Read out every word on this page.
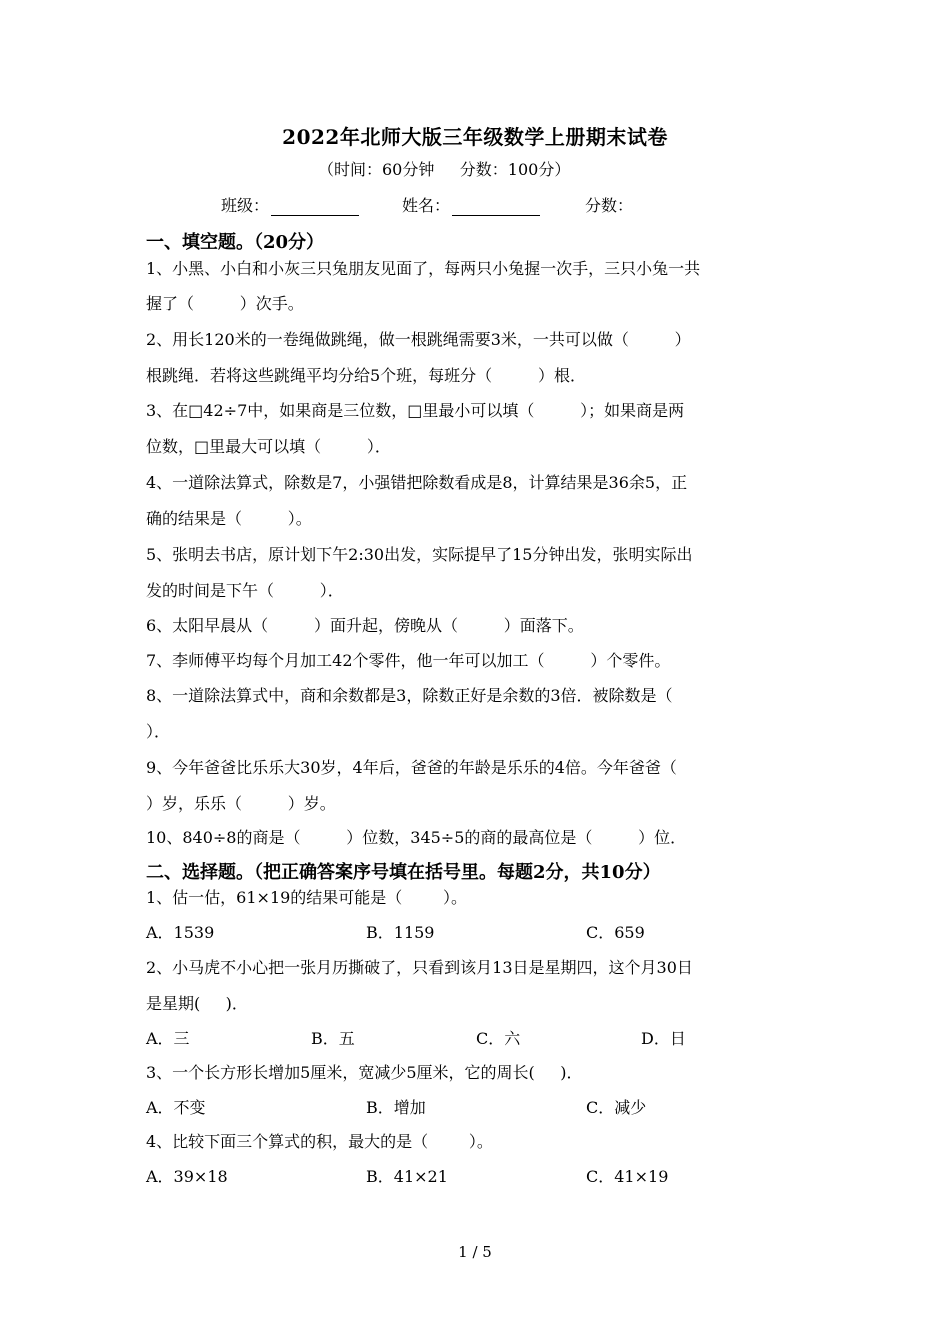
2022年北师大版三年级数学上册期末试卷
（时间：60分钟     分数：100分）
班级：	姓名：	分数：
一、填空题。（20分）
1、小黑、小白和小灰三只兔朋友见面了，每两只小兔握一次手，三只小兔一共
握了（         ）次手。
2、用长120米的一卷绳做跳绳，做一根跳绳需要3米，一共可以做（         ）
根跳绳．若将这些跳绳平均分给5个班，每班分（         ）根．
3、在□42÷7中，如果商是三位数，□里最小可以填（         ）；如果商是两
位数，□里最大可以填（         ）．
4、一道除法算式，除数是7，小强错把除数看成是8，计算结果是36余5，正
确的结果是（         ）。
5、张明去书店，原计划下午2:30出发，实际提早了15分钟出发，张明实际出
发的时间是下午（         ）．
6、太阳早晨从（         ）面升起，傍晚从（         ）面落下。
7、李师傅平均每个月加工42个零件，他一年可以加工（         ）个零件。
8、一道除法算式中，商和余数都是3，除数正好是余数的3倍．被除数是（
）．
9、今年爸爸比乐乐大30岁，4年后，爸爸的年龄是乐乐的4倍。今年爸爸（
）岁，乐乐（         ）岁。
10、840÷8的商是（         ）位数，345÷5的商的最高位是（         ）位．
二、选择题。（把正确答案序号填在括号里。每题2分，共10分）
1、估一估，61×19的结果可能是（        ）。
A．1539	B．1159	C．659
2、小马虎不小心把一张月历撕破了，只看到该月13日是星期四，这个月30日
是星期(     )．
A．三	B．五	C．六	D．日
3、一个长方形长增加5厘米，宽减少5厘米，它的周长(     )．
A．不变	B．增加	C．减少
4、比较下面三个算式的积，最大的是（        ）。
A．39×18	B．41×21	C．41×19
1 / 5
